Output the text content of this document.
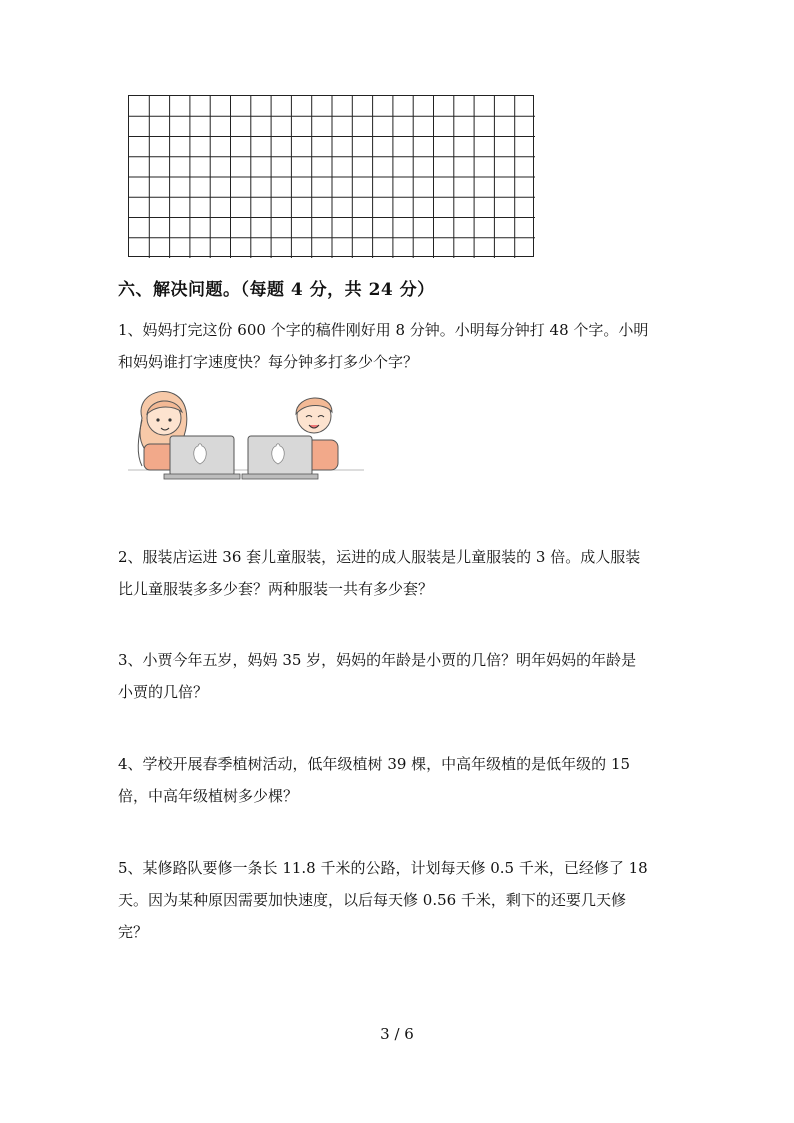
六、解决问题。（每题 4 分，共 24 分）
1、妈妈打完这份 600 个字的稿件刚好用 8 分钟。小明每分钟打 48 个字。小明
和妈妈谁打字速度快？每分钟多打多少个字？
2、服装店运进 36 套儿童服装，运进的成人服装是儿童服装的 3 倍。成人服装
比儿童服装多多少套？两种服装一共有多少套？
3、小贾今年五岁，妈妈 35 岁，妈妈的年龄是小贾的几倍？明年妈妈的年龄是
小贾的几倍？
4、学校开展春季植树活动，低年级植树 39 棵，中高年级植的是低年级的 15
倍，中高年级植树多少棵？
5、某修路队要修一条长 11.8 千米的公路，计划每天修 0.5 千米，已经修了 18
天。因为某种原因需要加快速度，以后每天修 0.56 千米，剩下的还要几天修
完？
3 / 6
